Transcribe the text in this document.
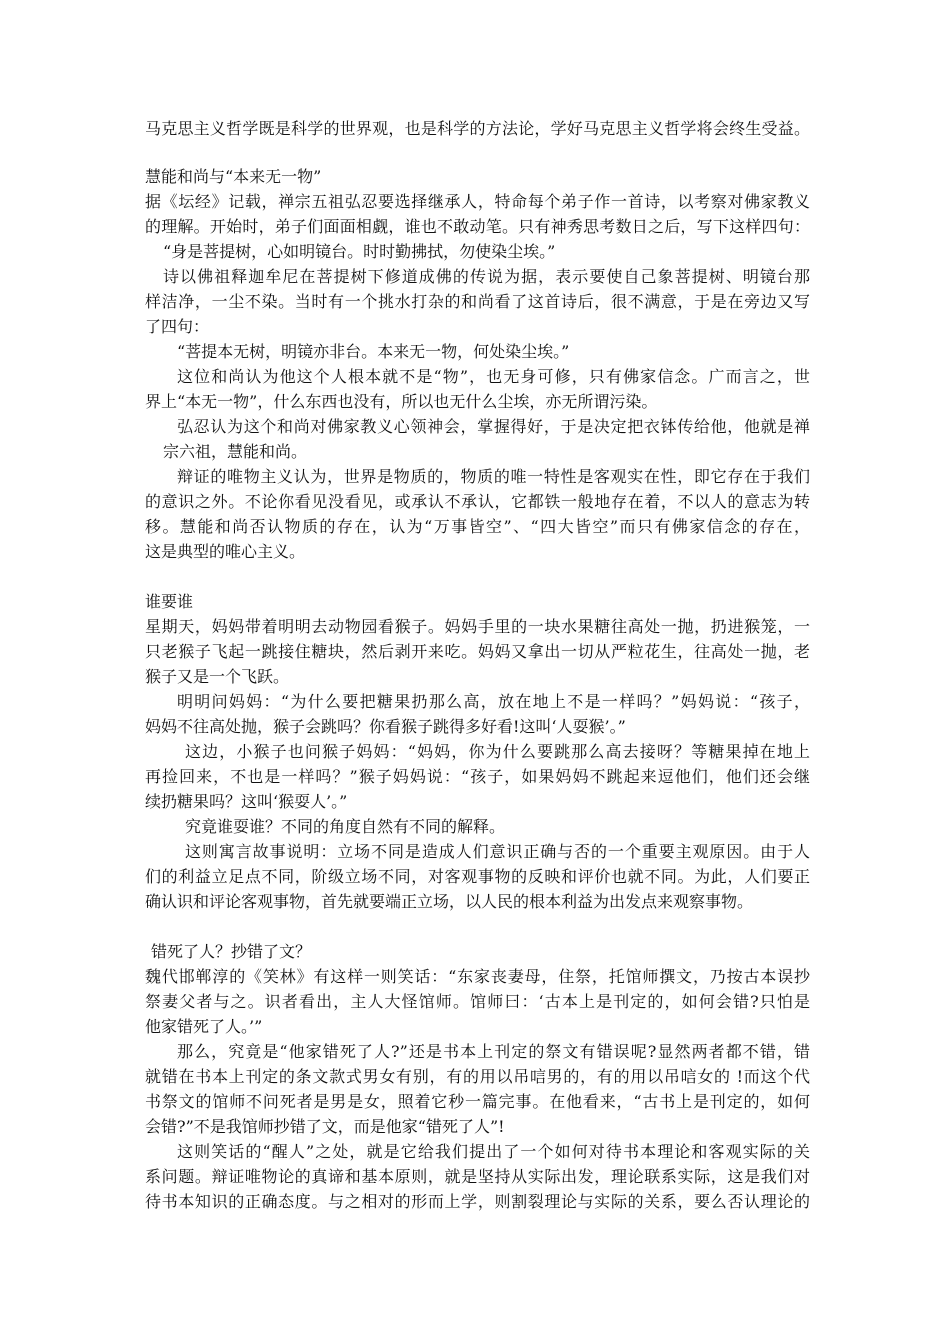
马克思主义哲学既是科学的世界观，也是科学的方法论，学好马克思主义哲学将会终生受益。
慧能和尚与“本来无一物”
据《坛经》记载，禅宗五祖弘忍要选择继承人，特命每个弟子作一首诗，以考察对佛家教义
的理解。开始时，弟子们面面相觑，谁也不敢动笔。只有神秀思考数日之后，写下这样四句：
“身是菩提树，心如明镜台。时时勤拂拭，勿使染尘埃。”
诗以佛祖释迦牟尼在菩提树下修道成佛的传说为据，表示要使自己象菩提树、明镜台那
样洁净，一尘不染。当时有一个挑水打杂的和尚看了这首诗后，很不满意，于是在旁边又写
了四句：
“菩提本无树，明镜亦非台。本来无一物，何处染尘埃。”
这位和尚认为他这个人根本就不是“物”，也无身可修，只有佛家信念。广而言之，世
界上“本无一物”，什么东西也没有，所以也无什么尘埃，亦无所谓污染。
弘忍认为这个和尚对佛家教义心领神会，掌握得好，于是决定把衣钵传给他，他就是禅
宗六祖，慧能和尚。
辩证的唯物主义认为，世界是物质的，物质的唯一特性是客观实在性，即它存在于我们
的意识之外。不论你看见没看见，或承认不承认，它都铁一般地存在着，不以人的意志为转
移。慧能和尚否认物质的存在，认为“万事皆空”、“四大皆空”而只有佛家信念的存在，
这是典型的唯心主义。
谁要谁
星期天，妈妈带着明明去动物园看猴子。妈妈手里的一块水果糖往高处一抛，扔进猴笼，一
只老猴子飞起一跳接住糖块，然后剥开来吃。妈妈又拿出一切从严粒花生，往高处一抛，老
猴子又是一个飞跃。
明明问妈妈：“为什么要把糖果扔那么高，放在地上不是一样吗？”妈妈说：“孩子，
妈妈不往高处抛，猴子会跳吗？你看猴子跳得多好看!这叫‘人耍猴’。”
这边，小猴子也问猴子妈妈：“妈妈，你为什么要跳那么高去接呀？等糖果掉在地上
再捡回来，不也是一样吗？”猴子妈妈说：“孩子，如果妈妈不跳起来逗他们，他们还会继
续扔糖果吗？这叫‘猴耍人’。”
究竟谁耍谁？不同的角度自然有不同的解释。
这则寓言故事说明：立场不同是造成人们意识正确与否的一个重要主观原因。由于人
们的利益立足点不同，阶级立场不同，对客观事物的反映和评价也就不同。为此，人们要正
确认识和评论客观事物，首先就要端正立场，以人民的根本利益为出发点来观察事物。
错死了人？抄错了文？
魏代邯郸淳的《笑林》有这样一则笑话：“东家丧妻母，住祭，托馆师撰文，乃按古本误抄
祭妻父者与之。识者看出，主人大怪馆师。馆师曰：‘古本上是刊定的，如何会错?只怕是
他家错死了人。’”
那么，究竟是“他家错死了人?”还是书本上刊定的祭文有错误呢?显然两者都不错，错
就错在书本上刊定的条文款式男女有别，有的用以吊唁男的，有的用以吊唁女的 !而这个代
书祭文的馆师不问死者是男是女，照着它秒一篇完事。在他看来，“古书上是刊定的，如何
会错?”不是我馆师抄错了文，而是他家“错死了人”!
这则笑话的“醒人”之处，就是它给我们提出了一个如何对待书本理论和客观实际的关
系问题。辩证唯物论的真谛和基本原则，就是坚持从实际出发，理论联系实际，这是我们对
待书本知识的正确态度。与之相对的形而上学，则割裂理论与实际的关系，要么否认理论的
